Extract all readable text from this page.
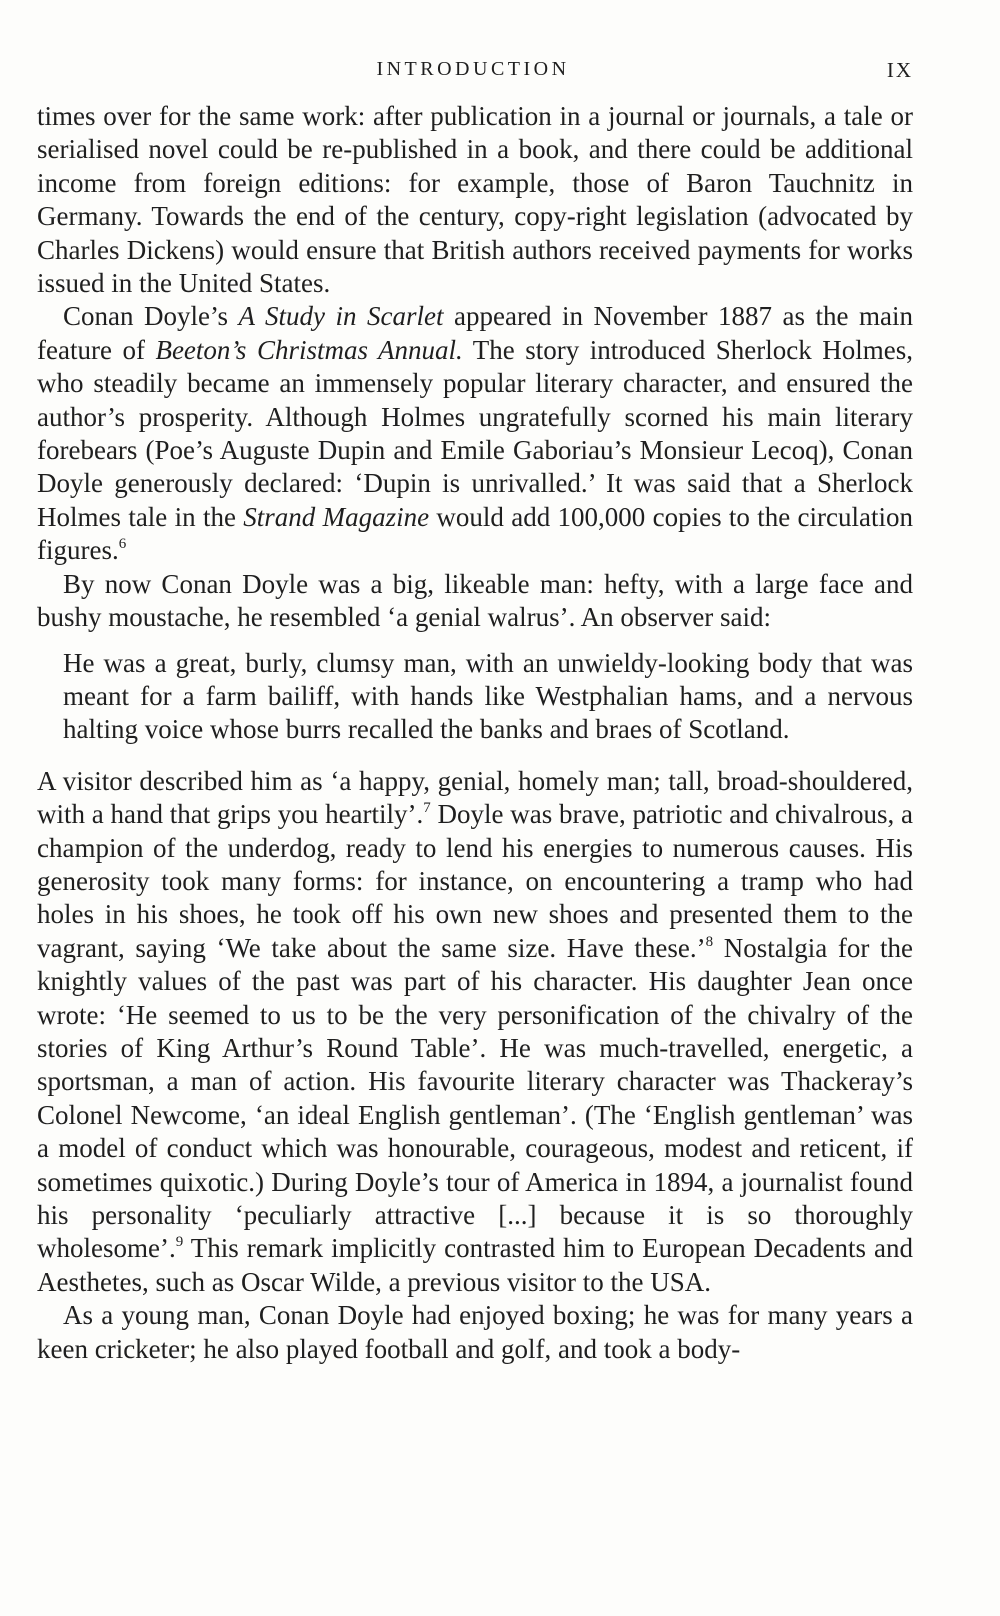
INTRODUCTION	IX

times over for the same work: after publication in a journal or journals, a tale or serialised novel could be re-published in a book, and there could be additional income from foreign editions: for example, those of Baron Tauchnitz in Germany. Towards the end of the century, copy-right legislation (advocated by Charles Dickens) would ensure that British authors received payments for works issued in the United States.

Conan Doyle’s A Study in Scarlet appeared in November 1887 as the main feature of Beeton’s Christmas Annual. The story introduced Sherlock Holmes, who steadily became an immensely popular literary character, and ensured the author’s prosperity. Although Holmes ungratefully scorned his main literary forebears (Poe’s Auguste Dupin and Emile Gaboriau’s Monsieur Lecoq), Conan Doyle generously declared: ‘Dupin is unrivalled.’ It was said that a Sherlock Holmes tale in the Strand Magazine would add 100,000 copies to the circulation figures.$^6$

By now Conan Doyle was a big, likeable man: hefty, with a large face and bushy moustache, he resembled ‘a genial walrus’. An observer said:

He was a great, burly, clumsy man, with an unwieldy-looking body that was meant for a farm bailiff, with hands like Westphalian hams, and a nervous halting voice whose burrs recalled the banks and braes of Scotland.

A visitor described him as ‘a happy, genial, homely man; tall, broad-shouldered, with a hand that grips you heartily’.$^7$ Doyle was brave, patriotic and chivalrous, a champion of the underdog, ready to lend his energies to numerous causes. His generosity took many forms: for instance, on encountering a tramp who had holes in his shoes, he took off his own new shoes and presented them to the vagrant, saying ‘We take about the same size. Have these.’$^8$ Nostalgia for the knightly values of the past was part of his character. His daughter Jean once wrote: ‘He seemed to us to be the very personification of the chivalry of the stories of King Arthur’s Round Table’. He was much-travelled, energetic, a sportsman, a man of action. His favourite literary character was Thackeray’s Colonel Newcome, ‘an ideal English gentleman’. (The ‘English gentleman’ was a model of conduct which was honourable, courageous, modest and reticent, if sometimes quixotic.) During Doyle’s tour of America in 1894, a journalist found his personality ‘peculiarly attractive [...] because it is so thoroughly wholesome’.$^9$ This remark implicitly contrasted him to European Decadents and Aesthetes, such as Oscar Wilde, a previous visitor to the USA.

As a young man, Conan Doyle had enjoyed boxing; he was for many years a keen cricketer; he also played football and golf, and took a body-
